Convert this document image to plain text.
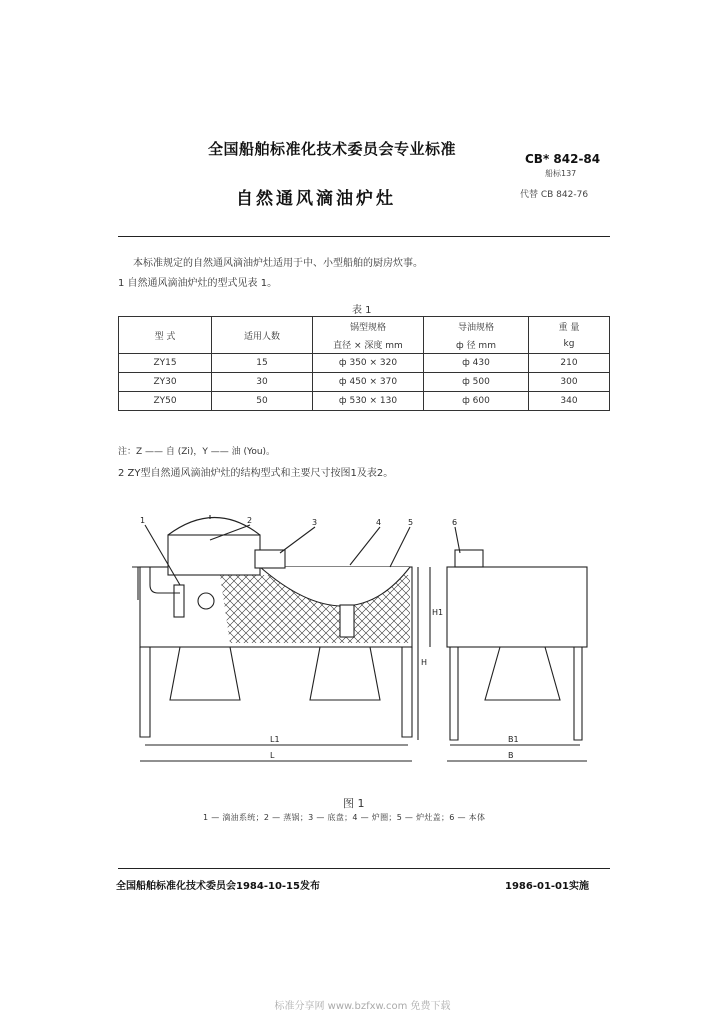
全国船舶标准化技术委员会专业标准
CB* 842-84
船标137
自然通风滴油炉灶	代替 CB 842-76
本标准规定的自然通风滴油炉灶适用于中、小型船舶的厨房炊事。
1 自然通风滴油炉灶的型式见表 1。
表 1
型 式	适用人数	锅型规格	导油规格	重 量
		直径 × 深度 mm	ф 径 mm	kg
ZY15	15	ф 350 × 320	ф 430	210
ZY30	30	ф 450 × 370	ф 500	300
ZY50	50	ф 530 × 130	ф 600	340
注：Z —— 自 (Zi)，Y —— 油 (You)。
2 ZY型自然通风滴油炉灶的结构型式和主要尺寸按图1及表2。
1	2	3	4	5	6
H
H1
L
L1
B
B1
图 1
1 — 滴油系统；2 — 蒸锅；3 — 底盘；4 — 炉圈；5 — 炉灶盖；6 — 本体
全国船舶标准化技术委员会1984-10-15发布	1986-01-01实施
标准分享网 www.bzfxw.com 免费下载
